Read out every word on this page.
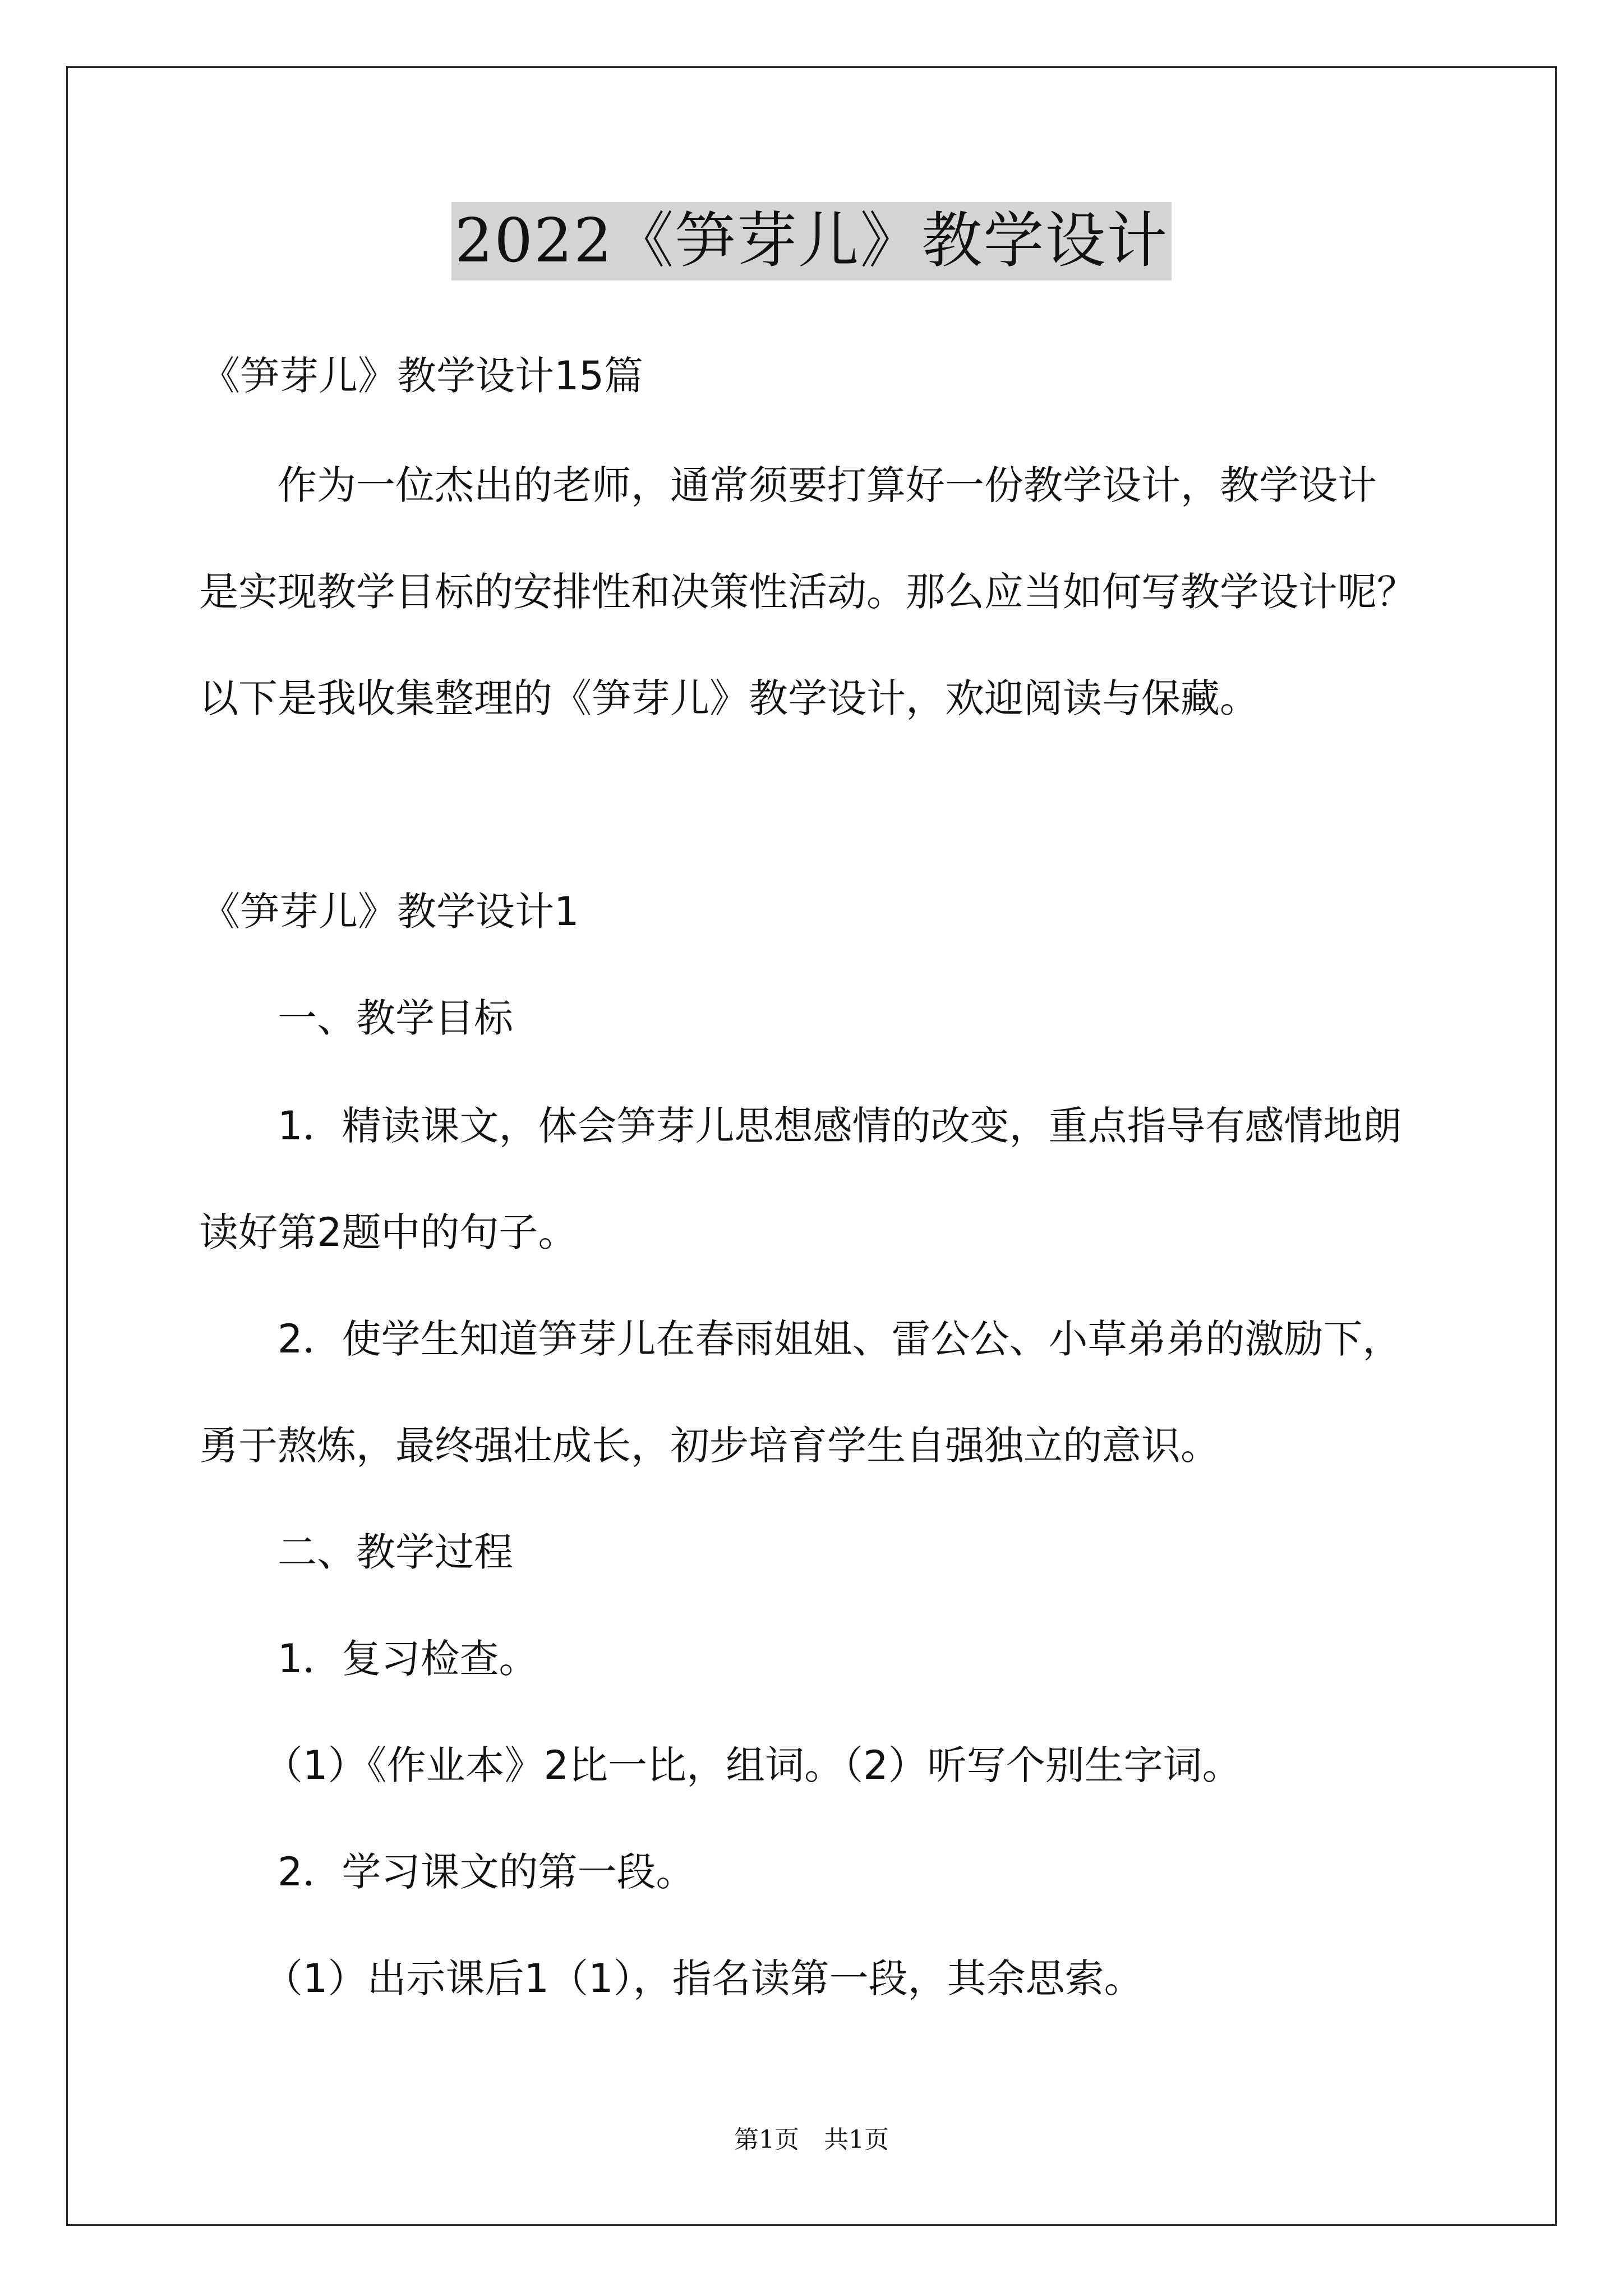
2022《笋芽儿》教学设计
《笋芽儿》教学设计15篇
作为一位杰出的老师，通常须要打算好一份教学设计，教学设计
是实现教学目标的安排性和决策性活动。那么应当如何写教学设计呢？
以下是我收集整理的《笋芽儿》教学设计，欢迎阅读与保藏。
《笋芽儿》教学设计1
一、教学目标
1．精读课文，体会笋芽儿思想感情的改变，重点指导有感情地朗
读好第2题中的句子。
2．使学生知道笋芽儿在春雨姐姐、雷公公、小草弟弟的激励下，
勇于熬炼，最终强壮成长，初步培育学生自强独立的意识。
二、教学过程
1．复习检查。
（1）《作业本》2比一比，组词。（2）听写个别生字词。
2．学习课文的第一段。
（1）出示课后1（1），指名读第一段，其余思索。
第1页　共1页
